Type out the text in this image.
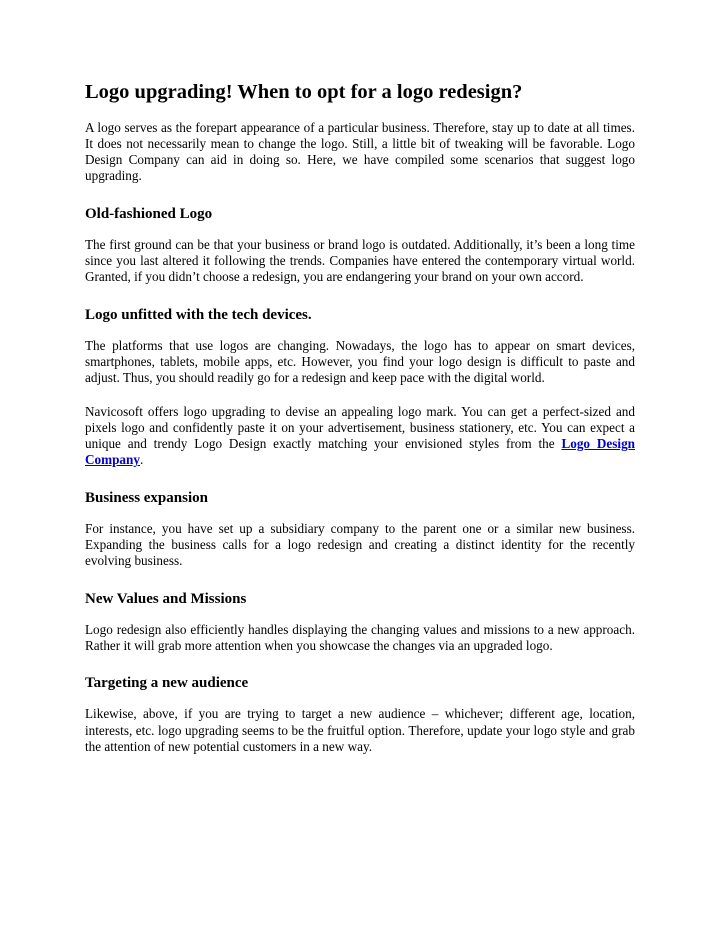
Logo upgrading! When to opt for a logo redesign?

A logo serves as the forepart appearance of a particular business. Therefore, stay up to date at all times. It does not necessarily mean to change the logo. Still, a little bit of tweaking will be favorable. Logo Design Company can aid in doing so. Here, we have compiled some scenarios that suggest logo upgrading.

Old-fashioned Logo

The first ground can be that your business or brand logo is outdated. Additionally, it’s been a long time since you last altered it following the trends. Companies have entered the contemporary virtual world. Granted, if you didn’t choose a redesign, you are endangering your brand on your own accord.

Logo unfitted with the tech devices.

The platforms that use logos are changing. Nowadays, the logo has to appear on smart devices, smartphones, tablets, mobile apps, etc. However, you find your logo design is difficult to paste and adjust. Thus, you should readily go for a redesign and keep pace with the digital world.

Navicosoft offers logo upgrading to devise an appealing logo mark. You can get a perfect-sized and pixels logo and confidently paste it on your advertisement, business stationery, etc. You can expect a unique and trendy Logo Design exactly matching your envisioned styles from the Logo Design Company.

Business expansion

For instance, you have set up a subsidiary company to the parent one or a similar new business. Expanding the business calls for a logo redesign and creating a distinct identity for the recently evolving business.

New Values and Missions

Logo redesign also efficiently handles displaying the changing values and missions to a new approach. Rather it will grab more attention when you showcase the changes via an upgraded logo.

Targeting a new audience

Likewise, above, if you are trying to target a new audience – whichever; different age, location, interests, etc. logo upgrading seems to be the fruitful option. Therefore, update your logo style and grab the attention of new potential customers in a new way.
